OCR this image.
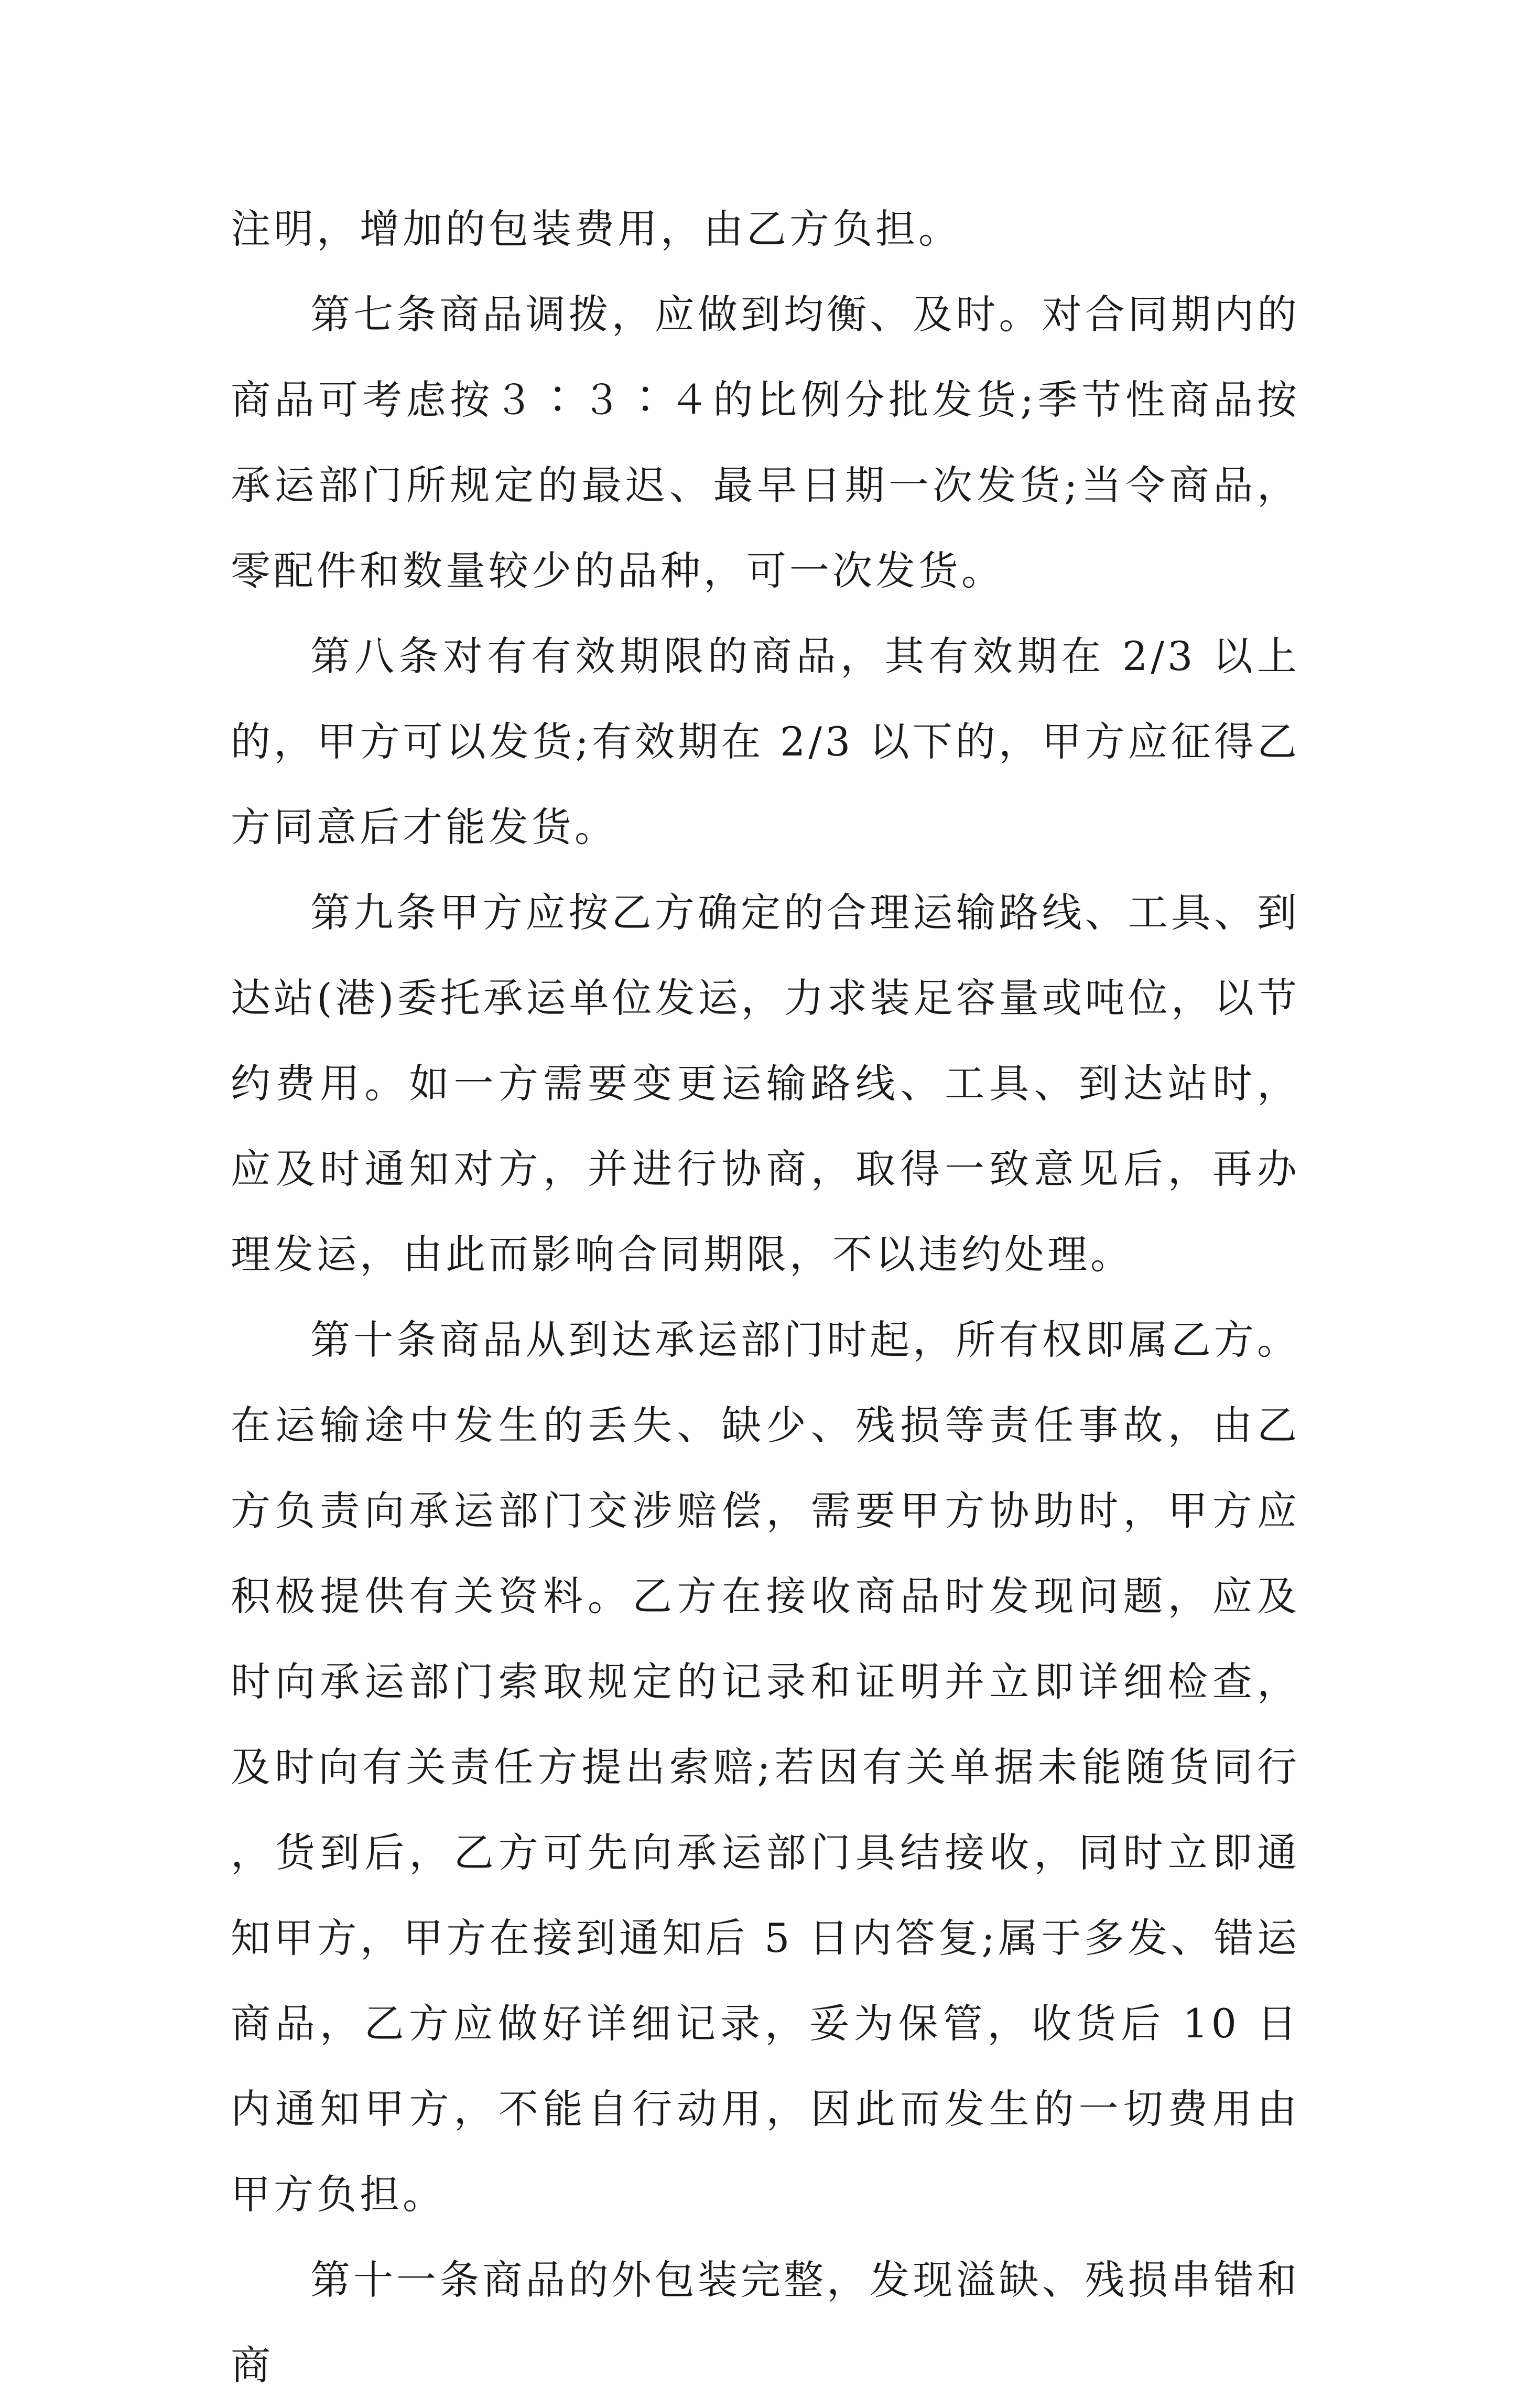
注明，增加的包装费用，由乙方负担。

第七条商品调拨，应做到均衡、及时。对合同期内的商品可考虑按３∶３∶４的比例分批发货;季节性商品按承运部门所规定的最迟、最早日期一次发货;当令商品，零配件和数量较少的品种，可一次发货。

第八条对有有效期限的商品，其有效期在 2/3 以上的，甲方可以发货;有效期在 2/3 以下的，甲方应征得乙方同意后才能发货。

第九条甲方应按乙方确定的合理运输路线、工具、到达站(港)委托承运单位发运，力求装足容量或吨位，以节约费用。如一方需要变更运输路线、工具、到达站时，应及时通知对方，并进行协商，取得一致意见后，再办理发运，由此而影响合同期限，不以违约处理。

第十条商品从到达承运部门时起，所有权即属乙方。在运输途中发生的丢失、缺少、残损等责任事故，由乙方负责向承运部门交涉赔偿，需要甲方协助时，甲方应积极提供有关资料。乙方在接收商品时发现问题，应及时向承运部门索取规定的记录和证明并立即详细检查，及时向有关责任方提出索赔;若因有关单据未能随货同行，货到后，乙方可先向承运部门具结接收，同时立即通知甲方，甲方在接到通知后 5 日内答复;属于多发、错运商品，乙方应做好详细记录，妥为保管，收货后 10 日内通知甲方，不能自行动用，因此而发生的一切费用由甲方负担。

第十一条商品的外包装完整，发现溢缺、残损串错和商
